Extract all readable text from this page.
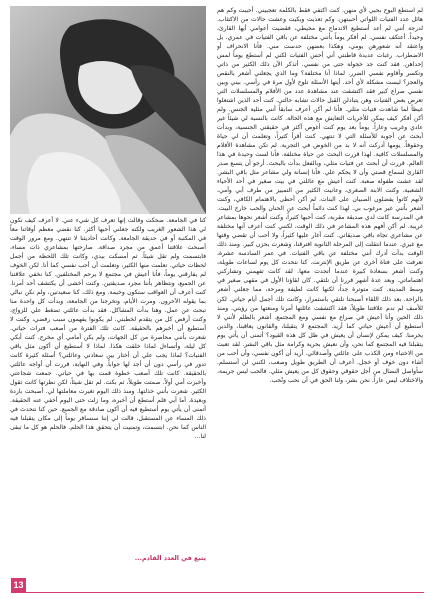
لم استطع البوح بحبي لأي منهن. كنت اكتفي فقط بالكلمة تعجبيني. أحببت وكم هم هائل عدد الفتيات اللواتي أحببتهن. وكم تعذيت وبكيت وعشت حالات من الاكتئاب. لدرجة أنني لم أعد أستطيع الاندماج مع محيطي، فقضيت أعوامي أيها القارئ، وحيداً. أعتكف نفسي. لم أفكر يوماً بأنني مختلفة عن باقي الفتيات في عمري. بل واعتقد أنه شعورهن يومي، وهكذا بعضهن حدست مني. فأنا الانحراف أو الاضطراب. رغبات عديدة قاطنتي أني أحس الفتيات لكني لم أستطع يوماً لمس إحداهن. فقد كنت جد خجولة حتى من نفسي. أتذكر الآن ذلك الكثير من ذاتي وتكسر وأقاوم نفسي الضرر. لماذا أنا مختلفة؟ وما الذي يجعلني أشعر بالنقص والعجز؟ ليست مشكلة لأي أحد. أيتها الأسئلة تلوح لأول مرة في رأسي. بيني وبين نفسي صراع كبير فقد اكتشفت عند مشاهدة عدد من الأفلام والمسلسلات التي تعرض بعض الفتيات وهن يتبادلن القبل حالات تشابه حالتي. كنت أحد الذين اشتعلوا غيظاً لما شاهدت فتيات مثلي. فأنا لم أكن أعرف سابقاً أنني مثلية الجنس. ولم أكن أفكر كيف يمكن للأخريات التعايش مع هذه الحالة. كانت بالنسبة لي شيئاً غير عادي وغريب وعاراً. يوماً بعد يوم كنت أغوص أكثر في حقيقتي الجنسية، وبدأت أبحث عن أجوبة للأسئلة التي لا تنتهي. كنت أقرأ كثيراً، وتعلمت أن لي حياة وحقوقاً. يومها أدركت أنه لا بد من الخوض في التجربة. لم تكن مشاهدة الأفلام والمسلسلات كافية. لهذا قررت البحث عن حياة مختلفة. فأنا لست وحيدة في هذا العالم. قررت أن أبحث عن فتيات مثلي، وبالفعل بدأت بالبحث. أرجو أن يتسع صدر القارئ لسماع قصتي وأن لا يحكم علي. فأنا إنسانة ولي مشاعر مثل باقي البشر. لقد عشت طفولة صعبة. كنت أعيش مع عائلتي في بيت صغير في أحد الأحياء الشعبية. وكنت الابنة الصغرى، وعانيت الكثير من التمييز من طرف أبي وأمي، لأنهم كانوا يفضلون الصبيان على البنات. لم أكن أحظى بالاهتمام الكافي، وكنت أشعر بأنني غير مرغوب بي. لهذا كنت دائماً أبحث عن الحنان والحب خارج البيت. في المدرسة كانت لدي صديقة مقربة، كنت أحبها كثيراً، وكنت أشعر نحوها بمشاعر غريبة. لم أكن أفهم هذه المشاعر في ذلك الوقت، لكنني كنت أعرف أنها مختلفة عن مشاعري تجاه باقي صديقاتي. كنت أغار عليها كثيراً، ولا أحب أن تقضي وقتها مع غيري. عندما انتقلت إلى المرحلة الثانوية افترقنا، وشعرت بحزن كبير. ومنذ ذلك الوقت بدأت أدرك أنني مختلفة عن باقي الفتيات. في عمر السادسة عشرة، تعرفت على فتاة أخرى عن طريق الإنترنت. كنا نتحدث كل يوم لساعات طويلة، وكنت أشعر بسعادة كبيرة عندما أتحدث معها. لقد كانت تفهمني وتشاركني اهتماماتي. وبعد عدة أشهر قررنا أن نلتقي. كان لقاؤنا الأول في مقهى صغير في وسط المدينة. كنت متوترة جداً، لكنها كانت لطيفة ومرحة، مما جعلني أشعر بالراحة. بعد ذلك اللقاء أصبحنا نلتقي باستمرار، وكانت تلك أجمل أيام حياتي. لكن للأسف لم تدم علاقتنا طويلاً، فقد اكتشفت عائلتها أمرنا ومنعتها من رؤيتي. ومنذ ذلك الحين وأنا أعيش في صراع مع نفسي ومع المجتمع. أشعر بالظلم لأنني لا أستطيع أن أعيش حياتي كما أريد. المجتمع لا يتقبلنا، والقانون يعاقبنا، والدين يحرمنا. كيف يمكن لإنسان أن يعيش في ظل كل هذه القيود؟ أتمنى أن يأتي يوم يتقبلنا فيه المجتمع كما نحن، وأن نعيش بحرية وكرامة مثل باقي البشر. لقد تعبت من الاختباء ومن الكذب على عائلتي وأصدقائي. أريد أن أكون نفسي، وأن أحب من أشاء دون خوف أو خجل. أعرف أن الطريق طويل وصعب، لكنني لن أستسلم. سأواصل النضال من أجل حقوقي وحقوق كل من يعيش مثلي. فالحب ليس جريمة، والاختلاف ليس عاراً. نحن بشر، ولنا الحق في أن نحب ونُحب.

كنا في الجامعة. ضحكت وقالت إنها تعرف كل شيء عني. لا أعرف كيف تكون لي هذا الشعور الغريب ولكنه جعلني أحبها أكثر. كنا نقضي معظم أوقاتنا معاً في المكتبة أو في حديقة الجامعة. وكانت أحاديثنا لا تنتهي. ومع مرور الوقت أصبحت علاقتنا أعمق من مجرد صداقة. صارحتها بمشاعري ذات مساء، فابتسمت ولم تقل شيئاً. ثم أمسكت بيدي، وكانت تلك اللحظة من أجمل لحظات حياتي. تعلمت منها الكثير، وتعلمت أن أحب نفسي كما أنا. لكن الخوف لم يفارقني يوماً، فأنا أعيش في مجتمع لا يرحم المختلفين. كنا نخفي علاقتنا عن الجميع، ونتظاهر بأننا مجرد صديقتين. وكنت أخشى أن يكتشف أحد أمرنا. كنت أعرف أن العواقب ستكون وخيمة. ومع ذلك، كنا سعيدتين، ولم نكن نبالي بما يقوله الآخرون. ومرت الأيام، وتخرجنا من الجامعة، وبدأت كل واحدة منا تبحث عن عمل. وهنا بدأت المشاكل. فقد بدأت عائلتي تضغط علي للزواج، وكنت أرفض كل من يتقدم لخطبتي. لم يكونوا يفهمون سبب رفضي، وكنت لا أستطيع أن أخبرهم بالحقيقة. كانت تلك الفترة من أصعب فترات حياتي. شعرت بأنني محاصرة من كل الجهات، ولم يكن أمامي أي مخرج. كنت أبكي كل ليلة، وأتساءل لماذا خلقت هكذا. لماذا لا أستطيع أن أكون مثل باقي الفتيات؟ لماذا يجب علي أن أختار بين سعادتي وعائلتي؟ أسئلة كثيرة كانت تدور في رأسي دون أن أجد لها جواباً. وفي النهاية، قررت أن أواجه عائلتي بالحقيقة. كانت تلك أصعب خطوة قمت بها في حياتي. جمعت شجاعتي وأخبرت أمي أولاً. صمتت طويلاً، ثم بكت. لم تقل شيئاً، لكن نظرتها كانت تقول الكثير. شعرت بأنني خذلتها. ومنذ ذلك اليوم تغيرت معاملتها لي. أصبحت باردة وبعيدة. أما أبي فلم أستطع أن أخبره، وما زلت حتى اليوم أخفي عنه الحقيقة. أتمنى أن يأتي يوم أستطيع فيه أن أكون صادقة مع الجميع. حين كنا نتحدث في ذلك المساء عن المستقبل، قالت لي إننا سنسافر يوماً إلى مكان يتقبلنا فيه الناس كما نحن. ابتسمت، وتمنيت أن يتحقق هذا الحلم. فالحلم هو كل ما تبقى لنا...

يتبع في العدد القادم...
13
